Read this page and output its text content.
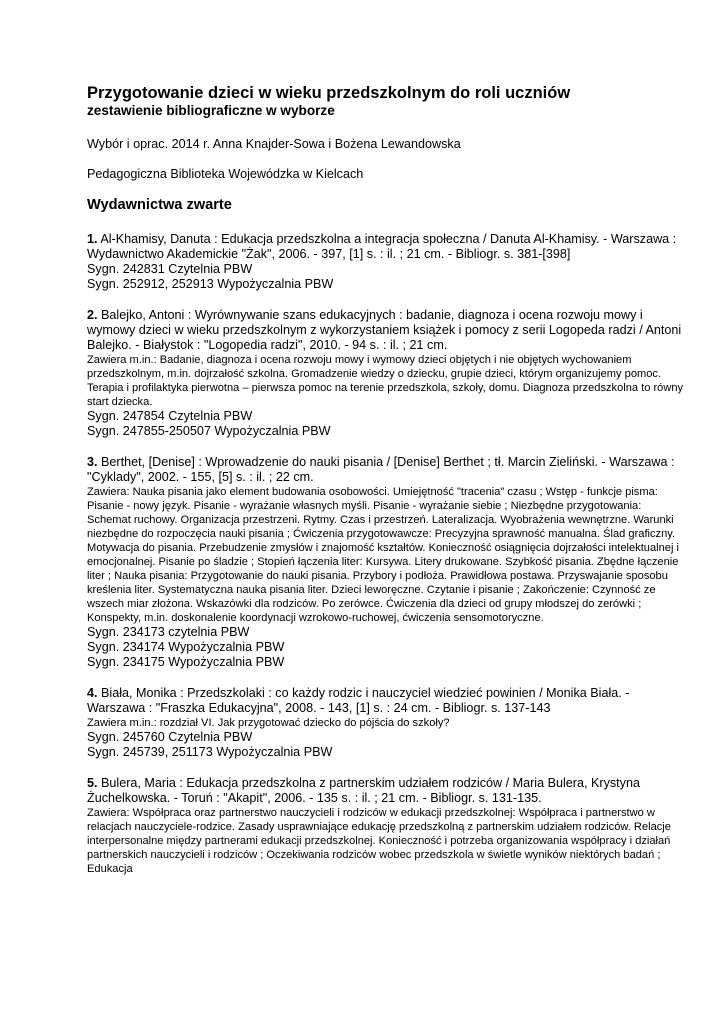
Przygotowanie dzieci w wieku przedszkolnym do roli uczniów
zestawienie bibliograficzne w wyborze

Wybór i oprac. 2014 r. Anna Knajder-Sowa i Bożena Lewandowska

Pedagogiczna Biblioteka Wojewódzka w Kielcach

Wydawnictwa zwarte

1. Al-Khamisy, Danuta : Edukacja przedszkolna a integracja społeczna / Danuta Al-Khamisy. - Warszawa : Wydawnictwo Akademickie "Żak", 2006. - 397, [1] s. : il. ; 21 cm. - Bibliogr. s. 381-[398]

Sygn. 242831 Czytelnia PBW

Sygn. 252912, 252913 Wypożyczalnia PBW

2. Balejko, Antoni : Wyrównywanie szans edukacyjnych : badanie, diagnoza i ocena rozwoju mowy i wymowy dzieci w wieku przedszkolnym z wykorzystaniem książek i pomocy z serii Logopeda radzi / Antoni Balejko. - Białystok : "Logopedia radzi", 2010. - 94 s. : il. ; 21 cm.

Zawiera m.in.: Badanie, diagnoza i ocena rozwoju mowy i wymowy dzieci objętych i nie objętych wychowaniem przedszkolnym, m.in. dojrzałość szkolna. Gromadzenie wiedzy o dziecku, grupie dzieci, którym organizujemy pomoc. Terapia i profilaktyka pierwotna – pierwsza pomoc na terenie przedszkola, szkoły, domu. Diagnoza przedszkolna to równy start dziecka.

Sygn. 247854 Czytelnia PBW

Sygn. 247855-250507 Wypożyczalnia PBW

3. Berthet, [Denise] : Wprowadzenie do nauki pisania / [Denise] Berthet ; tł. Marcin Zieliński. - Warszawa : "Cyklady", 2002. - 155, [5] s. : il. ; 22 cm.

Zawiera: Nauka pisania jako element budowania osobowości. Umiejętność "tracenia" czasu ; Wstęp - funkcje pisma: Pisanie - nowy język. Pisanie - wyrażanie własnych myśli. Pisanie - wyrażanie siebie ; Niezbędne przygotowania: Schemat ruchowy. Organizacja przestrzeni. Rytmy. Czas i przestrzeń. Lateralizacja. Wyobrażenia wewnętrzne. Warunki niezbędne do rozpoczęcia nauki pisania ; Ćwiczenia przygotowawcze: Precyzyjna sprawność manualna. Ślad graficzny. Motywacja do pisania. Przebudzenie zmysłów i znajomość kształtów. Konieczność osiągnięcia dojrzałości intelektualnej i emocjonalnej. Pisanie po śladzie ; Stopień łączenia liter: Kursywa. Litery drukowane. Szybkość pisania. Zbędne łączenie liter ; Nauka pisania: Przygotowanie do nauki pisania. Przybory i podłoża. Prawidłowa postawa. Przyswajanie sposobu kreślenia liter. Systematyczna nauka pisania liter. Dzieci leworęczne. Czytanie i pisanie ; Zakończenie: Czynność ze wszech miar złożona. Wskazówki dla rodziców. Po zerówce. Ćwiczenia dla dzieci od grupy młodszej do zerówki ; Konspekty, m.in. doskonalenie koordynacji wzrokowo-ruchowej, ćwiczenia sensomotoryczne.

Sygn. 234173 czytelnia PBW

Sygn. 234174 Wypożyczalnia PBW

Sygn. 234175 Wypożyczalnia PBW

4. Biała, Monika : Przedszkolaki : co każdy rodzic i nauczyciel wiedzieć powinien / Monika Biała. - Warszawa : "Fraszka Edukacyjna", 2008. - 143, [1] s. : 24 cm. - Bibliogr. s. 137-143

Zawiera m.in.: rozdział VI. Jak przygotować dziecko do pójścia do szkoły?

Sygn. 245760 Czytelnia PBW

Sygn. 245739, 251173 Wypożyczalnia PBW

5. Bulera, Maria : Edukacja przedszkolna z partnerskim udziałem rodziców / Maria Bulera, Krystyna Żuchelkowska. - Toruń : "Akapit", 2006. - 135 s. : il. ; 21 cm. - Bibliogr. s. 131-135.

Zawiera: Współpraca oraz partnerstwo nauczycieli i rodziców w edukacji przedszkolnej: Współpraca i partnerstwo w relacjach nauczyciele-rodzice. Zasady usprawniające edukację przedszkolną z partnerskim udziałem rodziców. Relacje interpersonalne między partnerami edukacji przedszkolnej. Konieczność i potrzeba organizowania współpracy i działań partnerskich nauczycieli i rodziców ; Oczekiwania rodziców wobec przedszkola w świetle wyników niektórych badań ; Edukacja
